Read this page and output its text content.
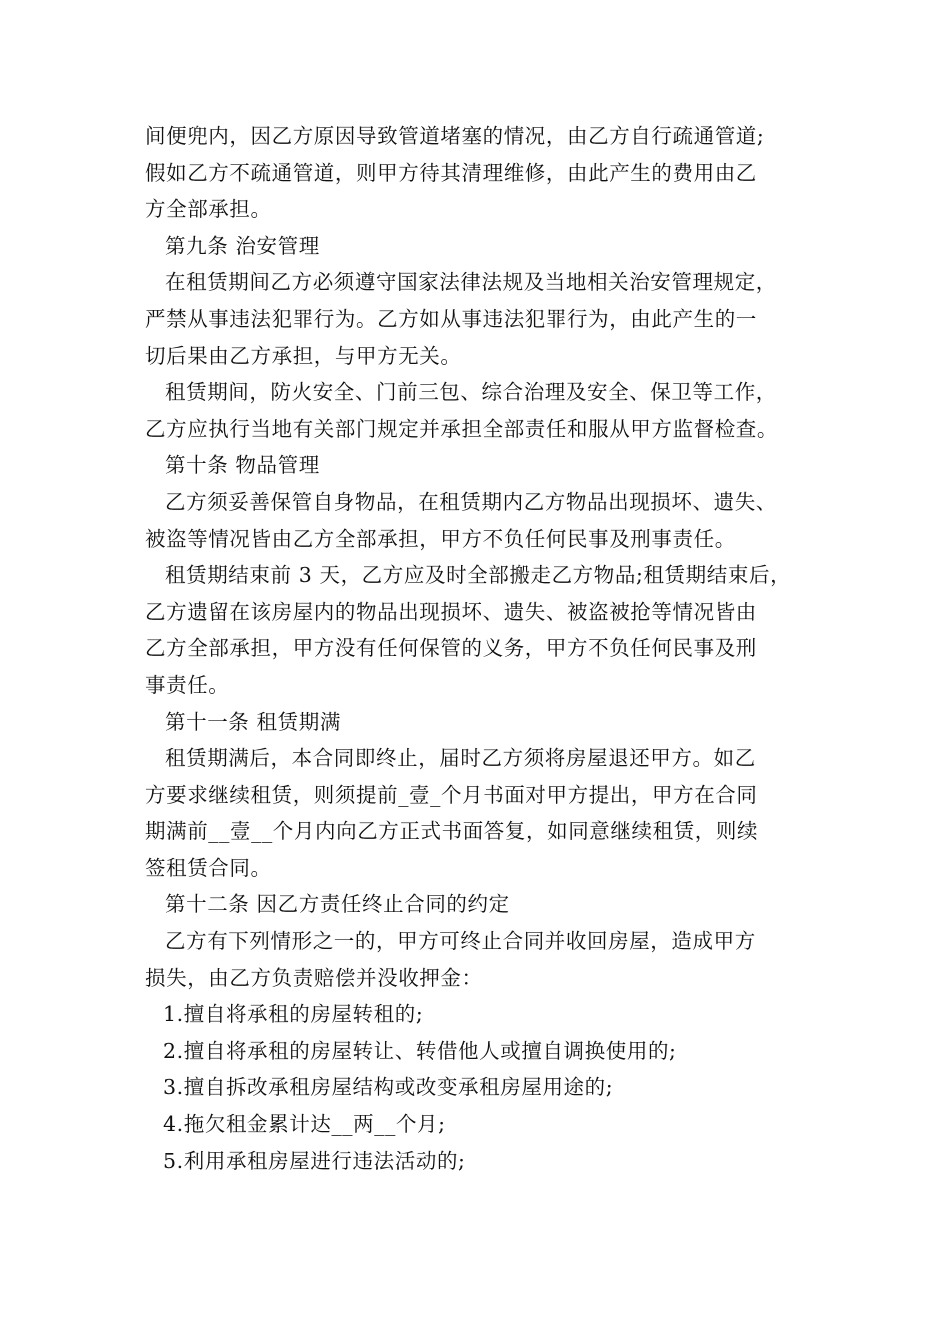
间便兜内，因乙方原因导致管道堵塞的情况，由乙方自行疏通管道;
假如乙方不疏通管道，则甲方待其清理维修，由此产生的费用由乙
方全部承担。
第九条 治安管理
在租赁期间乙方必须遵守国家法律法规及当地相关治安管理规定，
严禁从事违法犯罪行为。乙方如从事违法犯罪行为，由此产生的一
切后果由乙方承担，与甲方无关。
租赁期间，防火安全、门前三包、综合治理及安全、保卫等工作，
乙方应执行当地有关部门规定并承担全部责任和服从甲方监督检查。
第十条 物品管理
乙方须妥善保管自身物品，在租赁期内乙方物品出现损坏、遗失、
被盗等情况皆由乙方全部承担，甲方不负任何民事及刑事责任。
租赁期结束前 3 天，乙方应及时全部搬走乙方物品;租赁期结束后，
乙方遗留在该房屋内的物品出现损坏、遗失、被盗被抢等情况皆由
乙方全部承担，甲方没有任何保管的义务，甲方不负任何民事及刑
事责任。
第十一条 租赁期满
租赁期满后，本合同即终止，届时乙方须将房屋退还甲方。如乙
方要求继续租赁，则须提前_壹_个月书面对甲方提出，甲方在合同
期满前__壹__个月内向乙方正式书面答复，如同意继续租赁，则续
签租赁合同。
第十二条 因乙方责任终止合同的约定
乙方有下列情形之一的，甲方可终止合同并收回房屋，造成甲方
损失，由乙方负责赔偿并没收押金：
1.擅自将承租的房屋转租的;
2.擅自将承租的房屋转让、转借他人或擅自调换使用的;
3.擅自拆改承租房屋结构或改变承租房屋用途的;
4.拖欠租金累计达__两__个月;
5.利用承租房屋进行违法活动的;
